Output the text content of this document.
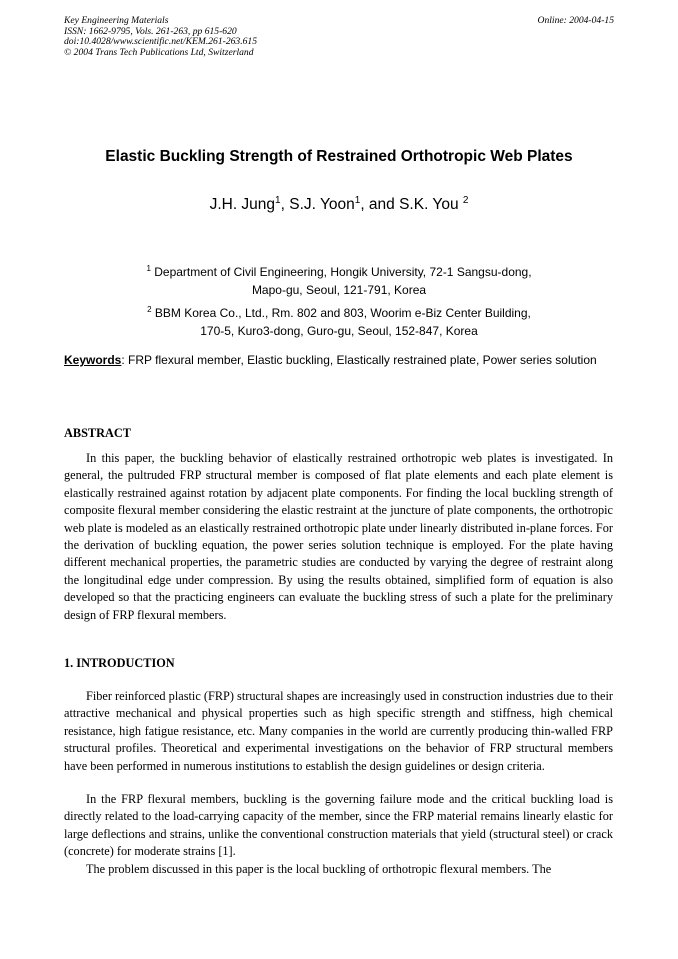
Key Engineering Materials
ISSN: 1662-9795, Vols. 261-263, pp 615-620
doi:10.4028/www.scientific.net/KEM.261-263.615
© 2004 Trans Tech Publications Ltd, Switzerland
Online: 2004-04-15
Elastic Buckling Strength of Restrained Orthotropic Web Plates
J.H. Jung$^1$, S.J. Yoon$^1$, and S.K. You $^2$
$^1$ Department of Civil Engineering, Hongik University, 72-1 Sangsu-dong,
Mapo-gu, Seoul, 121-791, Korea
$^2$ BBM Korea Co., Ltd., Rm. 802 and 803, Woorim e-Biz Center Building,
170-5, Kuro3-dong, Guro-gu, Seoul, 152-847, Korea
Keywords: FRP flexural member, Elastic buckling, Elastically restrained plate, Power series solution
ABSTRACT
In this paper, the buckling behavior of elastically restrained orthotropic web plates is investigated. In general, the pultruded FRP structural member is composed of flat plate elements and each plate element is elastically restrained against rotation by adjacent plate components. For finding the local buckling strength of composite flexural member considering the elastic restraint at the juncture of plate components, the orthotropic web plate is modeled as an elastically restrained orthotropic plate under linearly distributed in-plane forces. For the derivation of buckling equation, the power series solution technique is employed. For the plate having different mechanical properties, the parametric studies are conducted by varying the degree of restraint along the longitudinal edge under compression. By using the results obtained, simplified form of equation is also developed so that the practicing engineers can evaluate the buckling stress of such a plate for the preliminary design of FRP flexural members.
1. INTRODUCTION
Fiber reinforced plastic (FRP) structural shapes are increasingly used in construction industries due to their attractive mechanical and physical properties such as high specific strength and stiffness, high chemical resistance, high fatigue resistance, etc. Many companies in the world are currently producing thin-walled FRP structural profiles. Theoretical and experimental investigations on the behavior of FRP structural members have been performed in numerous institutions to establish the design guidelines or design criteria.
In the FRP flexural members, buckling is the governing failure mode and the critical buckling load is directly related to the load-carrying capacity of the member, since the FRP material remains linearly elastic for large deflections and strains, unlike the conventional construction materials that yield (structural steel) or crack (concrete) for moderate strains [1].
The problem discussed in this paper is the local buckling of orthotropic flexural members. The
